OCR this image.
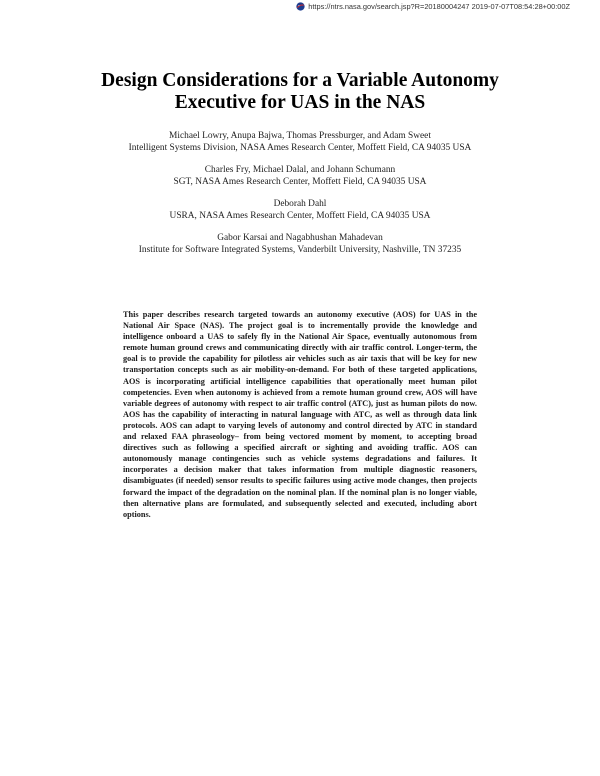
https://ntrs.nasa.gov/search.jsp?R=20180004247 2019-07-07T08:54:28+00:00Z
Design Considerations for a Variable Autonomy
Executive for UAS in the NAS
Michael Lowry, Anupa Bajwa, Thomas Pressburger, and Adam Sweet
Intelligent Systems Division, NASA Ames Research Center, Moffett Field, CA 94035 USA
Charles Fry, Michael Dalal, and Johann Schumann
SGT, NASA Ames Research Center, Moffett Field, CA 94035 USA
Deborah Dahl
USRA, NASA Ames Research Center, Moffett Field, CA 94035 USA
Gabor Karsai and Nagabhushan Mahadevan
Institute for Software Integrated Systems, Vanderbilt University, Nashville, TN 37235

This paper describes research targeted towards an autonomy executive (AOS) for UAS in the National Air Space (NAS). The project goal is to incrementally provide the knowledge and intelligence onboard a UAS to safely fly in the National Air Space, eventually autonomous from remote human ground crews and communicating directly with air traffic control. Longer-term, the goal is to provide the capability for pilotless air vehicles such as air taxis that will be key for new transportation concepts such as air mobility-on-demand. For both of these targeted applications, AOS is incorporating artificial intelligence capabilities that operationally meet human pilot competencies. Even when autonomy is achieved from a remote human ground crew, AOS will have variable degrees of autonomy with respect to air traffic control (ATC), just as human pilots do now. AOS has the capability of interacting in natural language with ATC, as well as through data link protocols. AOS can adapt to varying levels of autonomy and control directed by ATC in standard and relaxed FAA phraseology– from being vectored moment by moment, to accepting broad directives such as following a specified aircraft or sighting and avoiding traffic. AOS can autonomously manage contingencies such as vehicle systems degradations and failures. It incorporates a decision maker that takes information from multiple diagnostic reasoners, disambiguates (if needed) sensor results to specific failures using active mode changes, then projects forward the impact of the degradation on the nominal plan. If the nominal plan is no longer viable, then alternative plans are formulated, and subsequently selected and executed, including abort options.
